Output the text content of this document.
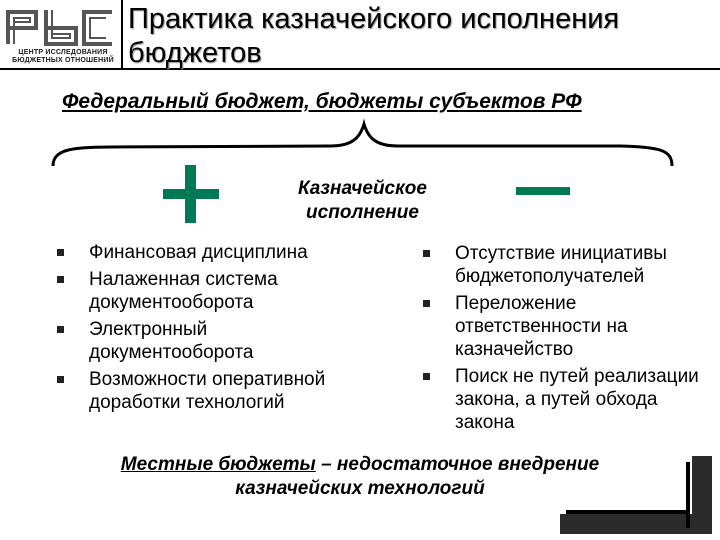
ЦЕНТР ИССЛЕДОВАНИЯ
БЮДЖЕТНЫХ ОТНОШЕНИЙ
Практика казначейского исполнения бюджетов
Федеральный бюджет, бюджеты субъектов РФ
Казначейское исполнение
Финансовая дисциплина
Налаженная система документооборота
Электронный документооборота
Возможности оперативной доработки технологий
Отсутствие инициативы бюджетополучателей
Переложение ответственности на казначейство
Поиск не путей реализации закона, а путей обхода закона
Местные бюджеты – недостаточное внедрение казначейских технологий
